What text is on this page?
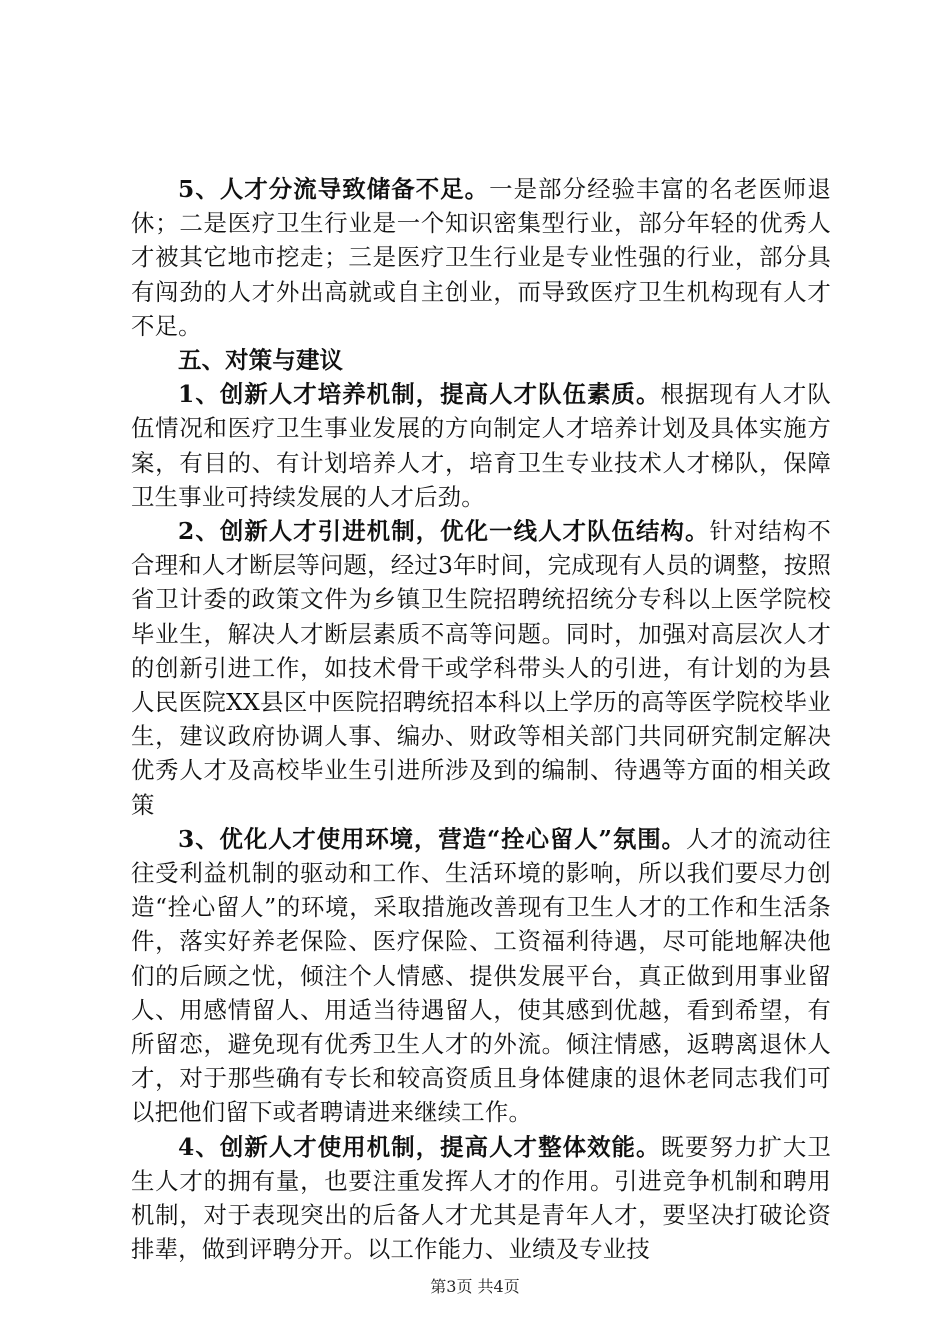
5、人才分流导致储备不足。一是部分经验丰富的名老医师退休；二是医疗卫生行业是一个知识密集型行业，部分年轻的优秀人才被其它地市挖走；三是医疗卫生行业是专业性强的行业，部分具有闯劲的人才外出高就或自主创业，而导致医疗卫生机构现有人才不足。

五、对策与建议

1、创新人才培养机制，提高人才队伍素质。根据现有人才队伍情况和医疗卫生事业发展的方向制定人才培养计划及具体实施方案，有目的、有计划培养人才，培育卫生专业技术人才梯队，保障卫生事业可持续发展的人才后劲。

2、创新人才引进机制，优化一线人才队伍结构。针对结构不合理和人才断层等问题，经过3年时间，完成现有人员的调整，按照省卫计委的政策文件为乡镇卫生院招聘统招统分专科以上医学院校毕业生，解决人才断层素质不高等问题。同时，加强对高层次人才的创新引进工作，如技术骨干或学科带头人的引进，有计划的为县人民医院XX县区中医院招聘统招本科以上学历的高等医学院校毕业生，建议政府协调人事、编办、财政等相关部门共同研究制定解决优秀人才及高校毕业生引进所涉及到的编制、待遇等方面的相关政策

3、优化人才使用环境，营造“拴心留人”氛围。人才的流动往往受利益机制的驱动和工作、生活环境的影响，所以我们要尽力创造“拴心留人”的环境，采取措施改善现有卫生人才的工作和生活条件，落实好养老保险、医疗保险、工资福利待遇，尽可能地解决他们的后顾之忧，倾注个人情感、提供发展平台，真正做到用事业留人、用感情留人、用适当待遇留人，使其感到优越，看到希望，有所留恋，避免现有优秀卫生人才的外流。倾注情感，返聘离退休人才，对于那些确有专长和较高资质且身体健康的退休老同志我们可以把他们留下或者聘请进来继续工作。

4、创新人才使用机制，提高人才整体效能。既要努力扩大卫生人才的拥有量，也要注重发挥人才的作用。引进竞争机制和聘用机制，对于表现突出的后备人才尤其是青年人才，要坚决打破论资排辈，做到评聘分开。以工作能力、业绩及专业技

第3页 共4页
